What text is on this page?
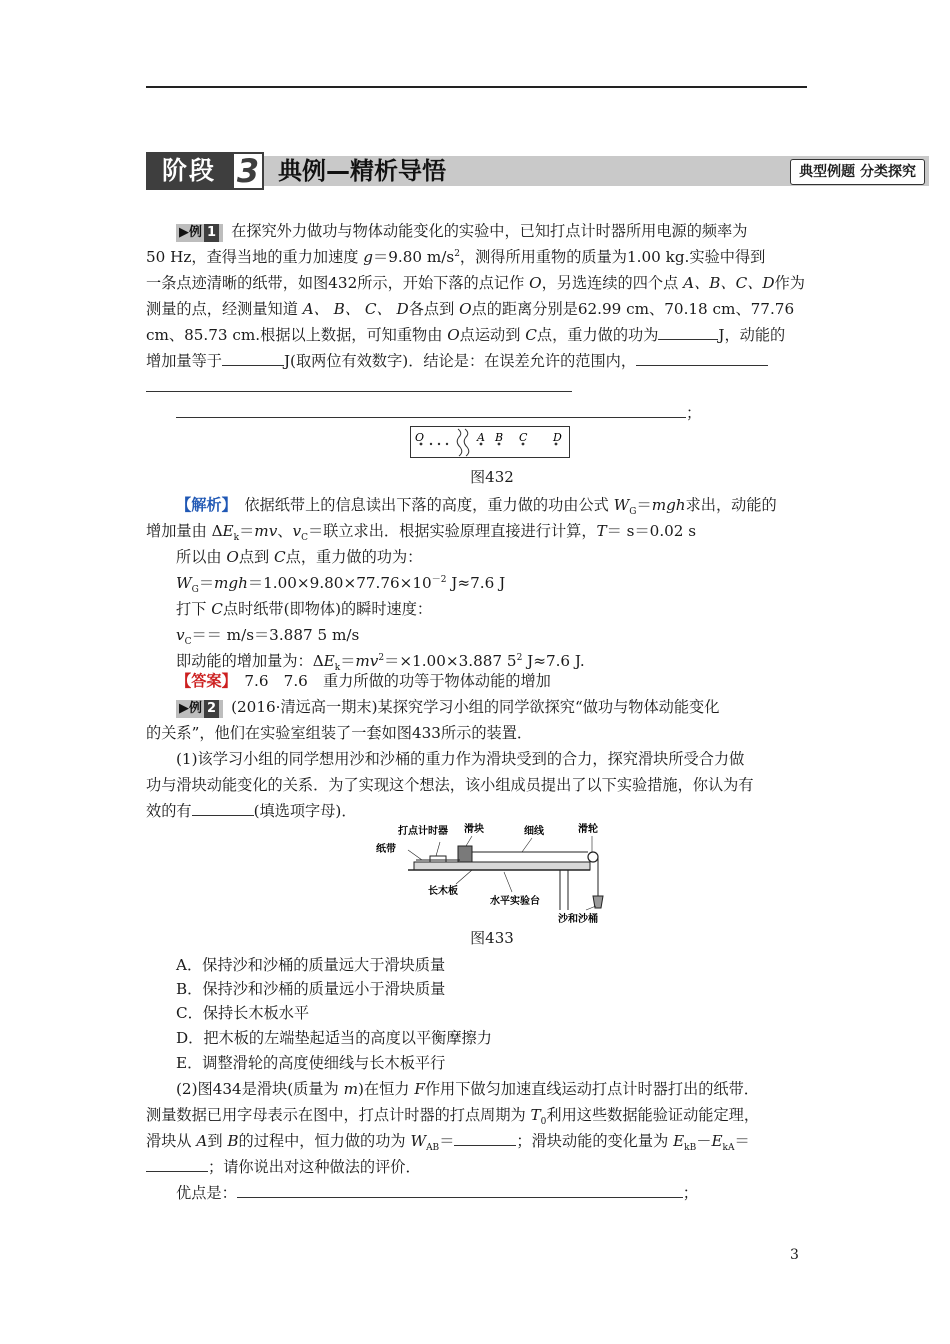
阶段 3 典例—精析导悟	典型例题 分类探究
▶例 1 在探究外力做功与物体动能变化的实验中，已知打点计时器所用电源的频率为
50 Hz，查得当地的重力加速度 g＝9.80 $m/s^2$，测得所用重物的质量为1.00 kg.实验中得到
一条点迹清晰的纸带，如图432所示，开始下落的点记作 O，另选连续的四个点 A、B、C、D作为
测量的点，经测量知道 A、 B、 C、 D各点到 O点的距离分别是62.99 cm、70.18 cm、77.76
cm、85.73 cm.根据以上数据，可知重物由 O点运动到 C点，重力做的功为	J，动能的
增加量等于	J(取两位有效数字)．结论是：在误差允许的范围内，
；
O	A B C D
图432
【解析】　 依据纸带上的信息读出下落的高度，重力做的功由公式 $W_G=mgh$求出，动能的
增加量由 $\Delta E_k=mv$、$v_C=$联立求出．根据实验原理直接进行计算，T＝ s＝0.02 s
所以由 O点到 C点，重力做的功为：
$W_G=mgh=1.00\times 9.80\times 77.76\times 10^{-2}$ J≈7.6 J
打下 C点时纸带(即物体)的瞬时速度：
$v_C== m/s=3.887$ 5 m/s
即动能的增加量为：$\Delta E_k=mv^2=\times 1.00\times 3.887$ $5^2$ J≈7.6 J.
【答案】　 7.6　7.6　重力所做的功等于物体动能的增加
▶例 2 (2016·清远高一期末)某探究学习小组的同学欲探究“做功与物体动能变化
的关系”，他们在实验室组装了一套如图433所示的装置．
(1)该学习小组的同学想用沙和沙桶的重力作为滑块受到的合力，探究滑块所受合力做
功与滑块动能变化的关系．为了实现这个想法，该小组成员提出了以下实验措施，你认为有
效的有	(填选项字母)．
打点计时器 滑块	细线	滑轮
纸带
长木板
水平实验台
沙和沙桶
图433
A．保持沙和沙桶的质量远大于滑块质量
B．保持沙和沙桶的质量远小于滑块质量
C．保持长木板水平
D．把木板的左端垫起适当的高度以平衡摩擦力
E．调整滑轮的高度使细线与长木板平行
(2)图434是滑块(质量为 m)在恒力 F作用下做匀加速直线运动打点计时器打出的纸带．
测量数据已用字母表示在图中，打点计时器的打点周期为 $T_0$利用这些数据能验证动能定理，
滑块从 A到 B的过程中，恒力做的功为 $W_{AB}=$	；滑块动能的变化量为 $E_{kB}-E_{kA}=$
；请你说出对这种做法的评价．
优点是：	；
3
